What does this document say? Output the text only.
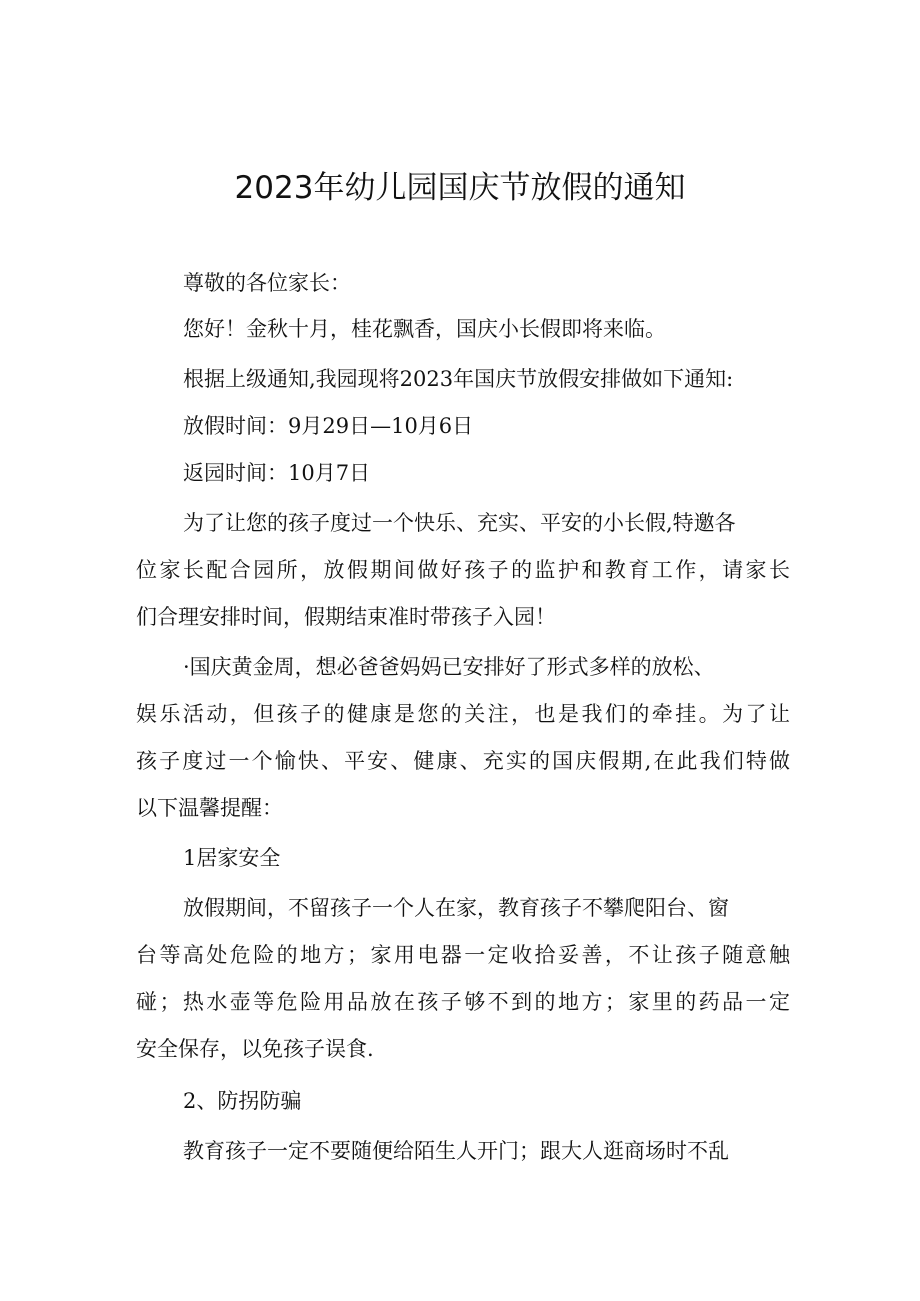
2023年幼儿园国庆节放假的通知

尊敬的各位家长：

您好！金秋十月，桂花飘香，国庆小长假即将来临。

根据上级通知,我园现将2023年国庆节放假安排做如下通知:

放假时间：9月29日—10月6日

返园时间：10月7日

为了让您的孩子度过一个快乐、充实、平安的小长假,特邀各

位家长配合园所，放假期间做好孩子的监护和教育工作，请家长

们合理安排时间，假期结束准时带孩子入园！

·国庆黄金周，想必爸爸妈妈已安排好了形式多样的放松、

娱乐活动，但孩子的健康是您的关注，也是我们的牵挂。为了让

孩子度过一个愉快、平安、健康、充实的国庆假期,在此我们特做

以下温馨提醒：

1居家安全

放假期间，不留孩子一个人在家，教育孩子不攀爬阳台、窗

台等高处危险的地方；家用电器一定收拾妥善，不让孩子随意触

碰；热水壶等危险用品放在孩子够不到的地方；家里的药品一定

安全保存，以免孩子误食.

2、防拐防骗

教育孩子一定不要随便给陌生人开门；跟大人逛商场时不乱
